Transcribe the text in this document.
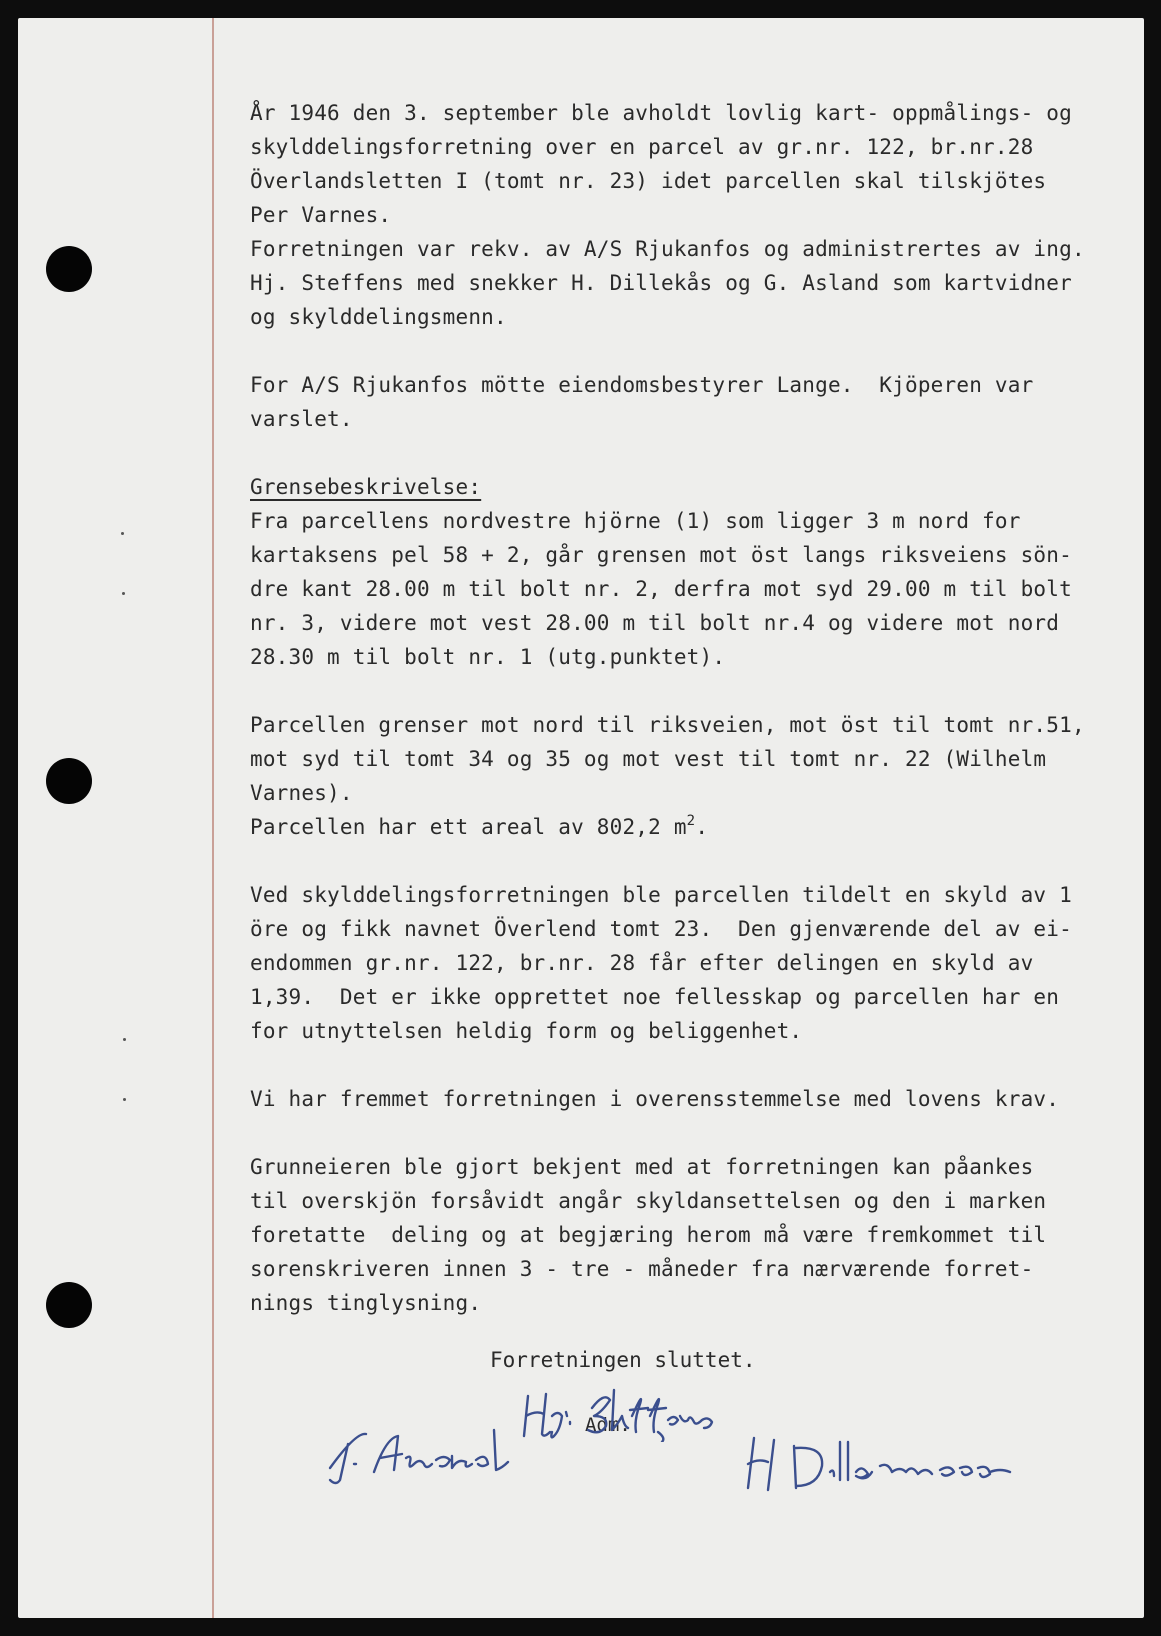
År 1946 den 3. september ble avholdt lovlig kart- oppmålings- og
skylddelingsforretning over en parcel av gr.nr. 122, br.nr.28
Överlandsletten I (tomt nr. 23) idet parcellen skal tilskjötes
Per Varnes.
Forretningen var rekv. av A/S Rjukanfos og administrertes av ing.
Hj. Steffens med snekker H. Dillekås og G. Asland som kartvidner
og skylddelingsmenn.
For A/S Rjukanfos mötte eiendomsbestyrer Lange.  Kjöperen var
varslet.
Grensebeskrivelse:
Fra parcellens nordvestre hjörne (1) som ligger 3 m nord for
kartaksens pel 58 + 2, går grensen mot öst langs riksveiens sön-
dre kant 28.00 m til bolt nr. 2, derfra mot syd 29.00 m til bolt
nr. 3, videre mot vest 28.00 m til bolt nr.4 og videre mot nord
28.30 m til bolt nr. 1 (utg.punktet).
Parcellen grenser mot nord til riksveien, mot öst til tomt nr.51,
mot syd til tomt 34 og 35 og mot vest til tomt nr. 22 (Wilhelm
Varnes).
Parcellen har ett areal av 802,2 $m^2$.
Ved skylddelingsforretningen ble parcellen tildelt en skyld av 1
öre og fikk navnet Överlend tomt 23.  Den gjenværende del av ei-
endommen gr.nr. 122, br.nr. 28 får efter delingen en skyld av
1,39.  Det er ikke opprettet noe fellesskap og parcellen har en
for utnyttelsen heldig form og beliggenhet.
Vi har fremmet forretningen i overensstemmelse med lovens krav.
Grunneieren ble gjort bekjent med at forretningen kan påankes
til overskjön forsåvidt angår skyldansettelsen og den i marken
foretatte  deling og at begjæring herom må være fremkommet til
sorenskriveren innen 3 - tre - måneder fra nærværende forret-
nings tinglysning.
Forretningen sluttet.
Adm.
